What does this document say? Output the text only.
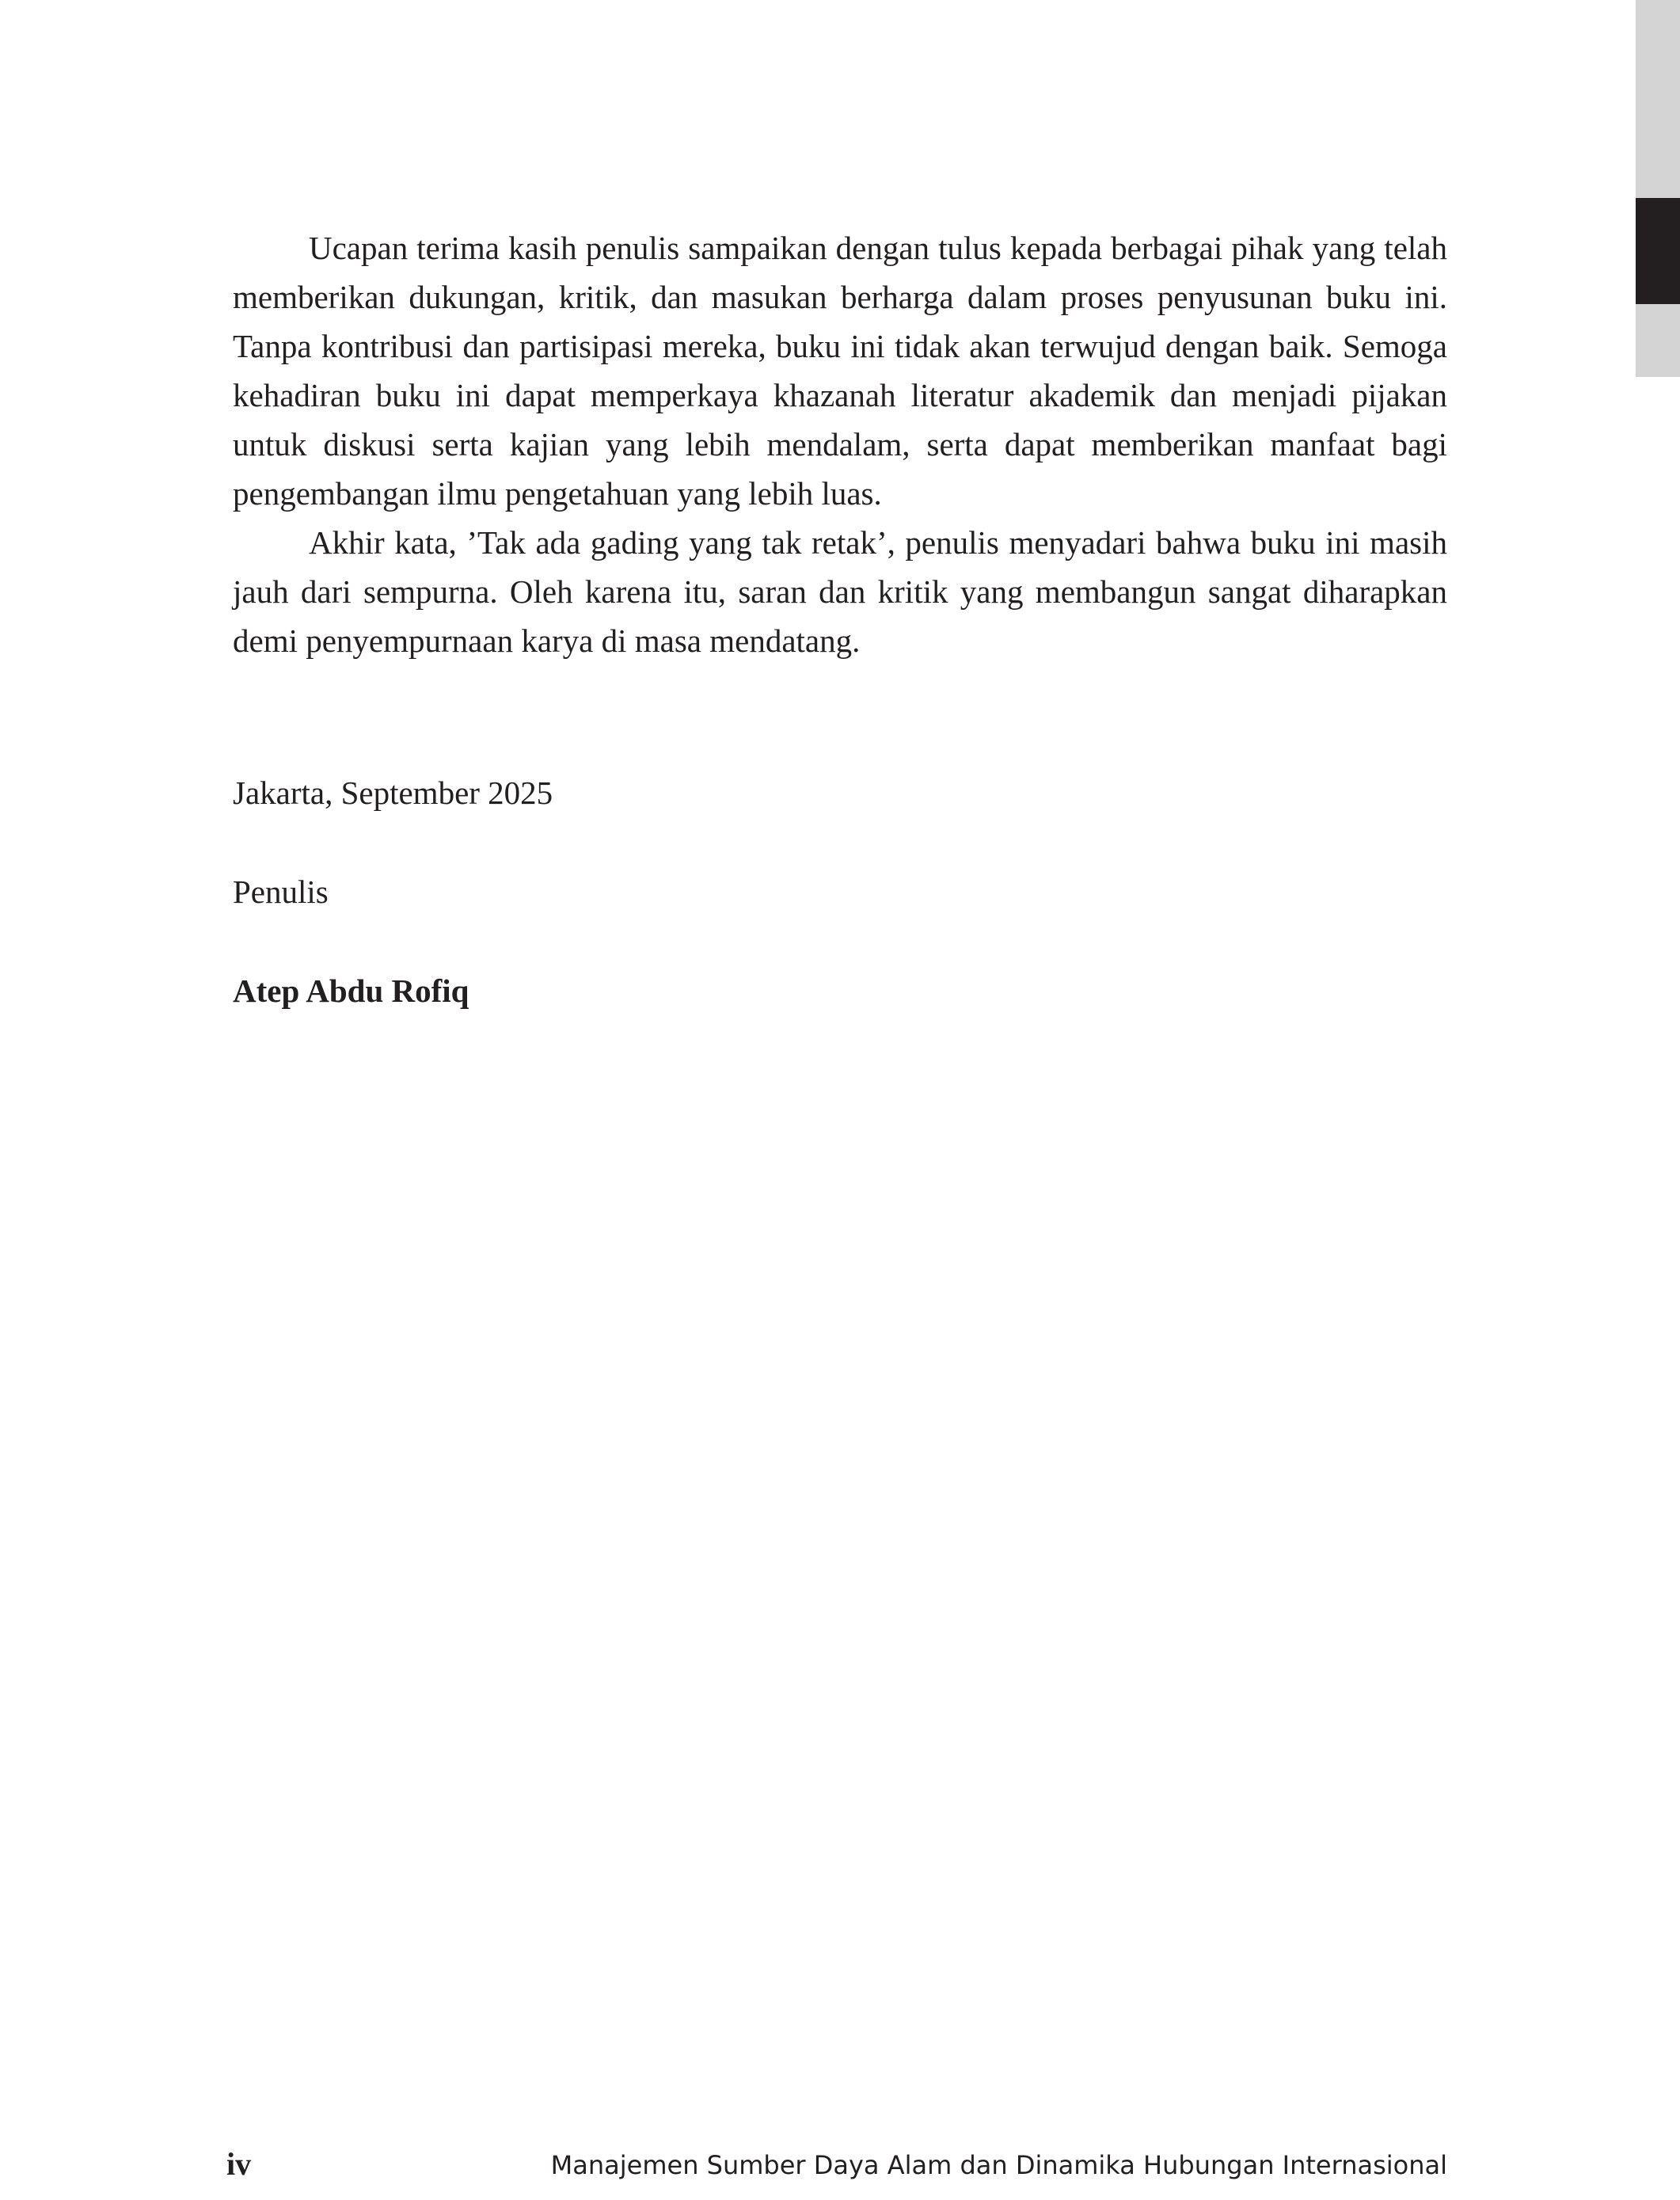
Ucapan terima kasih penulis sampaikan dengan tulus kepada berbagai pihak yang telah memberikan dukungan, kritik, dan masukan berharga dalam proses penyusunan buku ini. Tanpa kontribusi dan partisipasi mereka, buku ini tidak akan terwujud dengan baik. Semoga kehadiran buku ini dapat memperkaya khazanah literatur akademik dan menjadi pijakan untuk diskusi serta kajian yang lebih mendalam, serta dapat memberikan manfaat bagi pengembangan ilmu pengetahuan yang lebih luas.

Akhir kata, ’Tak ada gading yang tak retak’, penulis menyadari bahwa buku ini masih jauh dari sempurna. Oleh karena itu, saran dan kritik yang membangun sangat diharapkan demi penyempurnaan karya di masa mendatang.

Jakarta, September 2025
Penulis
Atep Abdu Rofiq
iv	Manajemen Sumber Daya Alam dan Dinamika Hubungan Internasional
